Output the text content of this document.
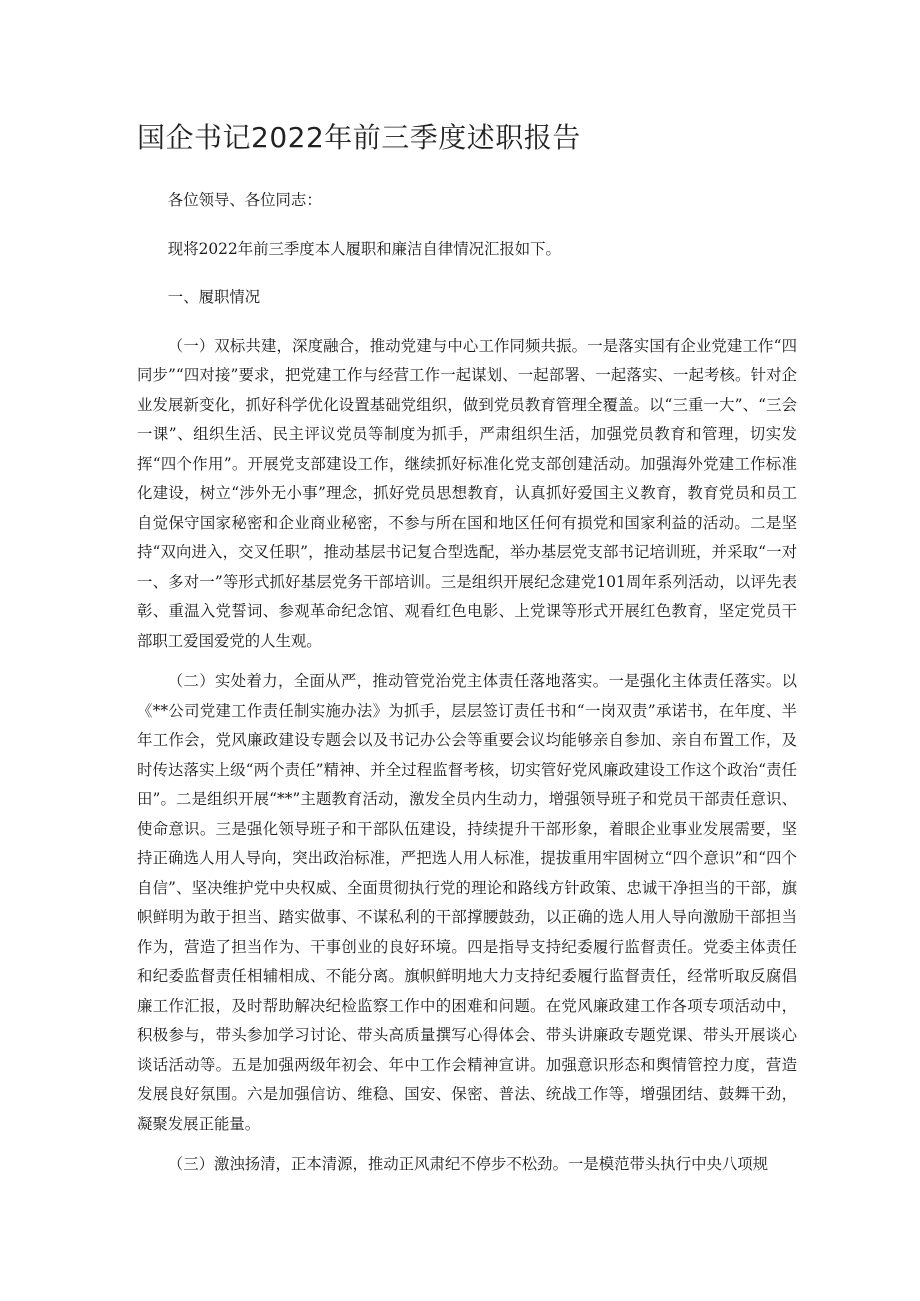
国企书记2022年前三季度述职报告

各位领导、各位同志：

现将2022年前三季度本人履职和廉洁自律情况汇报如下。

一、履职情况

（一）双标共建，深度融合，推动党建与中心工作同频共振。一是落实国有企业党建工作“四同步”“四对接”要求，把党建工作与经营工作一起谋划、一起部署、一起落实、一起考核。针对企业发展新变化，抓好科学优化设置基础党组织，做到党员教育管理全覆盖。以“三重一大”、“三会一课”、组织生活、民主评议党员等制度为抓手，严肃组织生活，加强党员教育和管理，切实发挥“四个作用”。开展党支部建设工作，继续抓好标准化党支部创建活动。加强海外党建工作标准化建设，树立“涉外无小事”理念，抓好党员思想教育，认真抓好爱国主义教育，教育党员和员工自觉保守国家秘密和企业商业秘密，不参与所在国和地区任何有损党和国家利益的活动。二是坚持“双向进入，交叉任职”，推动基层书记复合型选配，举办基层党支部书记培训班，并采取“一对一、多对一”等形式抓好基层党务干部培训。三是组织开展纪念建党101周年系列活动，以评先表彰、重温入党誓词、参观革命纪念馆、观看红色电影、上党课等形式开展红色教育，坚定党员干部职工爱国爱党的人生观。

（二）实处着力，全面从严，推动管党治党主体责任落地落实。一是强化主体责任落实。以《**公司党建工作责任制实施办法》为抓手，层层签订责任书和“一岗双责”承诺书，在年度、半年工作会，党风廉政建设专题会以及书记办公会等重要会议均能够亲自参加、亲自布置工作，及时传达落实上级“两个责任”精神、并全过程监督考核，切实管好党风廉政建设工作这个政治“责任田”。二是组织开展“**”主题教育活动，激发全员内生动力，增强领导班子和党员干部责任意识、使命意识。三是强化领导班子和干部队伍建设，持续提升干部形象，着眼企业事业发展需要，坚持正确选人用人导向，突出政治标准，严把选人用人标准，提拔重用牢固树立“四个意识”和“四个自信”、坚决维护党中央权威、全面贯彻执行党的理论和路线方针政策、忠诚干净担当的干部，旗帜鲜明为敢于担当、踏实做事、不谋私利的干部撑腰鼓劲，以正确的选人用人导向激励干部担当作为，营造了担当作为、干事创业的良好环境。四是指导支持纪委履行监督责任。党委主体责任和纪委监督责任相辅相成、不能分离。旗帜鲜明地大力支持纪委履行监督责任，经常听取反腐倡廉工作汇报，及时帮助解决纪检监察工作中的困难和问题。在党风廉政建工作各项专项活动中，积极参与，带头参加学习讨论、带头高质量撰写心得体会、带头讲廉政专题党课、带头开展谈心谈话活动等。五是加强两级年初会、年中工作会精神宣讲。加强意识形态和舆情管控力度，营造发展良好氛围。六是加强信访、维稳、国安、保密、普法、统战工作等，增强团结、鼓舞干劲，凝聚发展正能量。

（三）激浊扬清，正本清源，推动正风肃纪不停步不松劲。一是模范带头执行中央八项规
